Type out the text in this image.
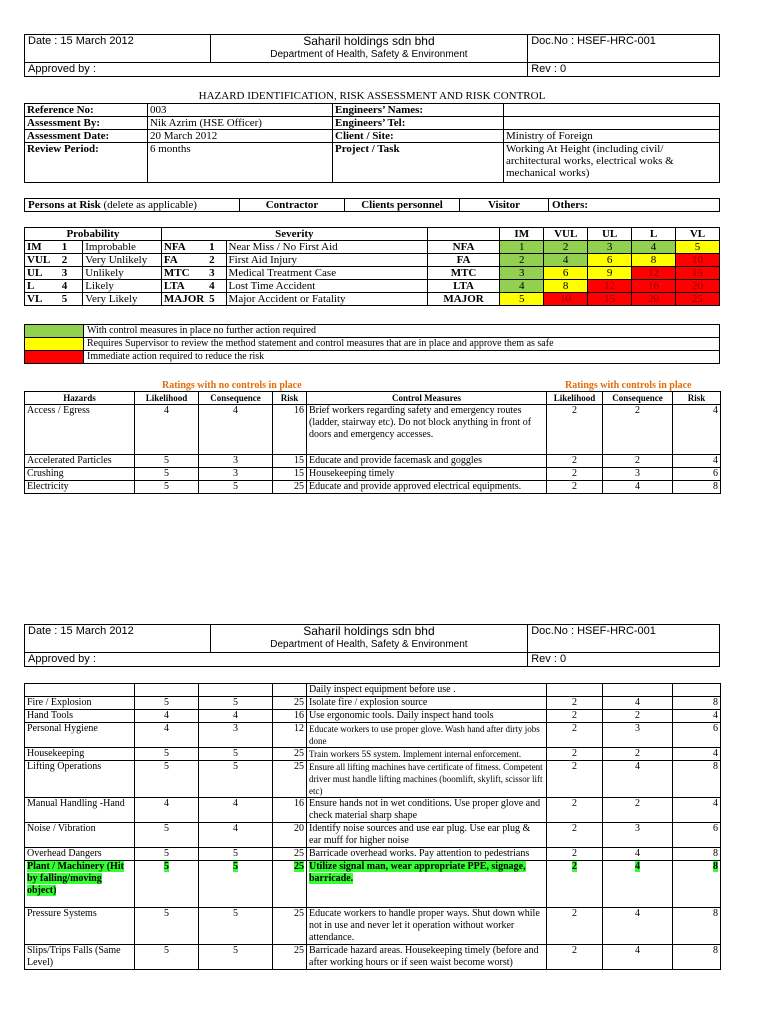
Date : 15 March 2012	Saharil holdings sdn bhd
Department of Health, Safety & Environment	Doc.No : HSEF-HRC-001
Approved by :		Rev : 0
HAZARD IDENTIFICATION, RISK ASSESSMENT AND RISK CONTROL
Reference No:	003	Engineers’ Names:	
Assessment By:	Nik Azrim (HSE Officer)	Engineers’ Tel:	
Assessment Date:	20 March 2012	Client / Site:	Ministry of Foreign
Review Period:	6 months	Project / Task	Working At Height (including civil/ architectural works, electrical woks & mechanical works)
Persons at Risk (delete as applicable)	Contractor	Clients personnel	Visitor	Others:
Probability			Severity				IM	VUL	UL	L	VL
IM	1	Improbable	NFA	1	Near Miss / No First Aid	NFA	1	2	3	4	5
VUL	2	Very Unlikely	FA	2	First Aid Injury	FA	2	4	6	8	10
UL	3	Unlikely	MTC	3	Medical Treatment Case	MTC	3	6	9	12	15
L	4	Likely	LTA	4	Lost Time Accident	LTA	4	8	12	16	20
VL	5	Very Likely	MAJOR	5	Major Accident or Fatality	MAJOR	5	10	15	20	25
	With control measures in place no further action required
	Requires Supervisor to review the method statement and control measures that are in place and approve them as safe
	Immediate action required to reduce the risk
Ratings with no controls in place	Ratings with controls in place
Hazards	Likelihood	Consequence	Risk	Control Measures	Likelihood	Consequence	Risk
Access / Egress	4	4	16	Brief workers regarding safety and emergency routes (ladder, stairway etc). Do not block anything in front of doors and emergency accesses.	2	2	4
Accelerated Particles	5	3	15	Educate and provide facemask and goggles	2	2	4
Crushing	5	3	15	Housekeeping timely	2	3	6
Electricity	5	5	25	Educate and provide approved electrical equipments.	2	4	8
Date : 15 March 2012	Saharil holdings sdn bhd
Department of Health, Safety & Environment	Doc.No : HSEF-HRC-001
Approved by :		Rev : 0
				Daily inspect equipment before use .			
Fire / Explosion	5	5	25	Isolate fire / explosion source	2	4	8
Hand Tools	4	4	16	Use ergonomic tools. Daily inspect hand tools	2	2	4
Personal Hygiene	4	3	12	Educate workers to use proper glove. Wash hand after dirty jobs done	2	3	6
Housekeeping	5	5	25	Train workers 5S system. Implement internal enforcement.	2	2	4
Lifting Operations	5	5	25	Ensure all lifting machines have certificate of fitness. Competent driver must handle lifting machines (boomlift, skylift, scissor lift etc)	2	4	8
Manual Handling -Hand	4	4	16	Ensure hands not in wet conditions. Use proper glove and check material sharp shape	2	2	4
Noise / Vibration	5	4	20	Identify noise sources and use ear plug. Use ear plug & ear muff for higher noise	2	3	6
Overhead Dangers	5	5	25	Barricade overhead works. Pay attention to pedestrians	2	4	8
Plant / Machinery (Hit by falling/moving object)	5	5	25	Utilize signal man, wear appropriate PPE, signage, barricade.	2	4	8
Pressure Systems	5	5	25	Educate workers to handle proper ways. Shut down while not in use and never let it operation without worker attendance.	2	4	8
Slips/Trips Falls (Same Level)	5	5	25	Barricade hazard areas. Housekeeping timely (before and after working hours or if seen waist become worst)	2	4	8
